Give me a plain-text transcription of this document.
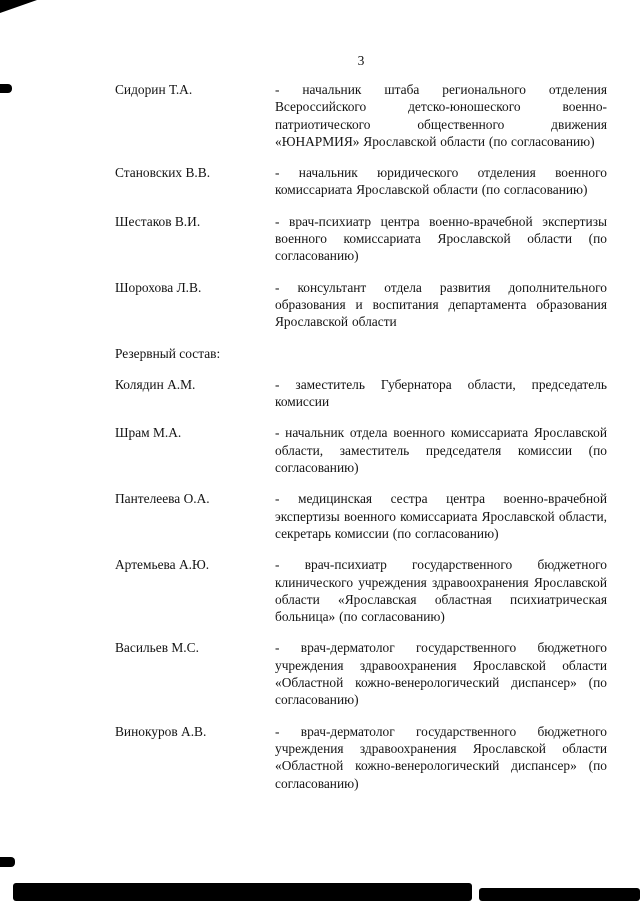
3
Сидорин Т.А.	- начальник штаба регионального отделения Всероссийского детско-юношеского военно-патриотического общественного движения «ЮНАРМИЯ» Ярославской области (по согласованию)
Становских В.В.	- начальник юридического отделения военного комиссариата Ярославской области (по согласованию)
Шестаков В.И.	- врач-психиатр центра военно-врачебной экспертизы военного комиссариата Ярославской области (по согласованию)
Шорохова Л.В.	- консультант отдела развития дополнительного образования и воспитания департамента образования Ярославской области
Резервный состав:
Колядин А.М.	- заместитель Губернатора области, председатель комиссии
Шрам М.А.	- начальник отдела военного комиссариата Ярославской области, заместитель председателя комиссии (по согласованию)
Пантелеева О.А.	- медицинская сестра центра военно-врачебной экспертизы военного комиссариата Ярославской области, секретарь комиссии (по согласованию)
Артемьева А.Ю.	- врач-психиатр государственного бюджетного клинического учреждения здравоохранения Ярославской области «Ярославская областная психиатрическая больница» (по согласованию)
Васильев М.С.	- врач-дерматолог государственного бюджетного учреждения здравоохранения Ярославской области «Областной кожно-венерологический диспансер» (по согласованию)
Винокуров А.В.	- врач-дерматолог государственного бюджетного учреждения здравоохранения Ярославской области «Областной кожно-венерологический диспансер» (по согласованию)
